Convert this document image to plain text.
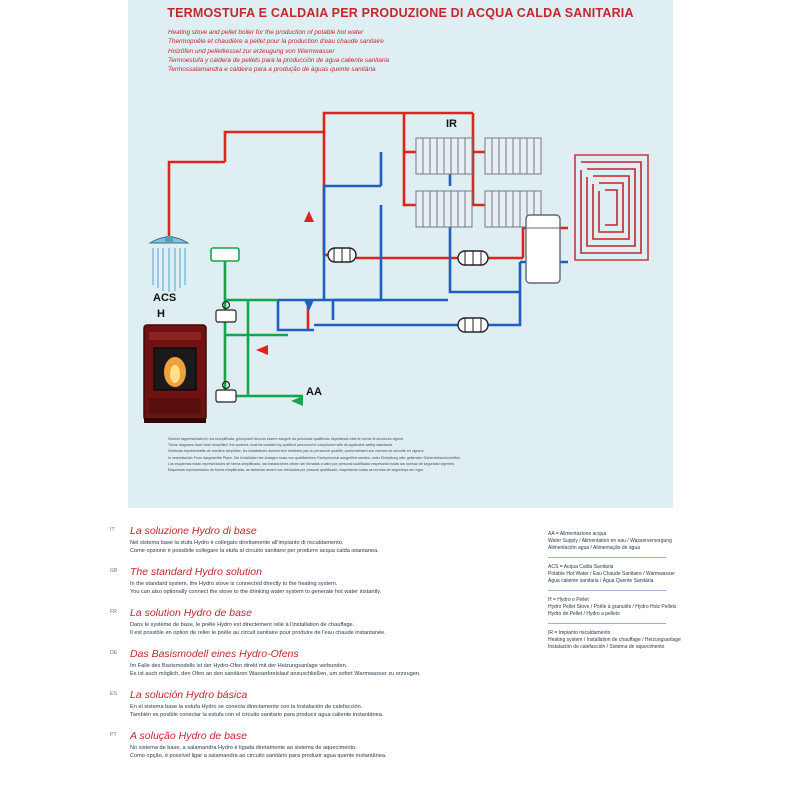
TERMOSTUFA E CALDAIA PER PRODUZIONE DI ACQUA CALDA SANITARIA
Heating stove and pellet boiler for the production of potable hot water
Thermopoêle et chaudière a pellet pour la production d'eau chaude sanitaire
Holzöfen und pelletkessel zur erzeugung von Warmwasser
Termoestufa y caldera de pellets para la producción de agua caliente sanitaria
Termossalamandra e caldeira para a produção de águas quente sanitária
ACS
IR
H
AA
Schemi rappresentativi in via semplificata; gli impianti devono essere eseguiti da personale qualificato rispettando tutte le norme di sicurezza vigenti.
These diagrams have been simplified, the systems must be installed by qualified personnel in compliance with all applicable safety standards.
Schémas représentatifs de manière simplifiée, les installations doivent être réalisées par un personnel qualifié, conformément aux normes de sécurité en vigueur.
In vereinfachter Form dargestellte Plane. Die Installation der Anlagen muss von qualifiziertem Fachpersonal ausgeführt werden, unter Einhaltung aller geltenden Sicherheitsvorschriften.
Los esquemas están representados de forma simplificada, las instalaciones deben ser llevadas a cabo por personal cualificado respetando todas las normas de seguridad vigentes.
Esquemas representados de forma simplificada, as sistemas devem ser efetuadas por pessoal qualificado, respeitando todas as normas de segurança em vigor.
IT La soluzione Hydro di base
Nel sistema base la stufa Hydro è collegato direttamente all'impianto di riscaldamento.
Come opzione è possibile collegare la stufa al circuito sanitario per produrre acqua calda istantanea.
GB The standard Hydro solution
In the standard system, the Hydro stove is connected directly to the heating system.
You can also optionally connect the stove to the drinking water system to generate hot water instantly.
FR La solution Hydro de base
Dans le système de base, le poêle Hydro est directement relié à l'installation de chauffage.
Il est possible en option de relier le poêle au circuit sanitaire pour produire de l'eau chaude instantanée.
DE Das Basismodell eines Hydro-Ofens
Im Falle des Basismodells ist der Hydro-Ofen direkt mit der Heizungsanlage verbunden.
Es ist auch möglich, den Ofen an den sanitären Wasserkreislauf anzuschließen, um sofort Warmwasser zu erzeugen.
ES La solución Hydro básica
En el sistema base la estufa Hydro se conecta directamente con la instalación de calefacción.
También es posible conectar la estufa con el circuito sanitario para producir agua caliente instantánea.
PT A solução Hydro de base
No sistema de base, a salamandra Hydro é ligada diretamente ao sistema de aquecimento.
Como opção, é possível ligar a salamandra ao circuito sanitário para produzir agua quente instantânea.
AA = Alimentazione acqua
Water Supply / Alimentation en eau / Wasserversorgung
Alimentación agua / Alimentação de água
ACS = Acqua Calda Sanitaria
Potable Hot Water / Eau Chaude Sanitaire / Warmwasser
Agua caliente sanitaria / Água Quente Sanitária
H = Hydro o Pellet
Hydro Pellet Stove / Poêle à granulés / Hydro Holz Pellets
Hydro de Pellet / Hydro a pellets
IR = Impianto riscaldamento
Heating system / Installation de chauffage / Heizungsanlage
Instalación de calefacción / Sistema de aquecimento
